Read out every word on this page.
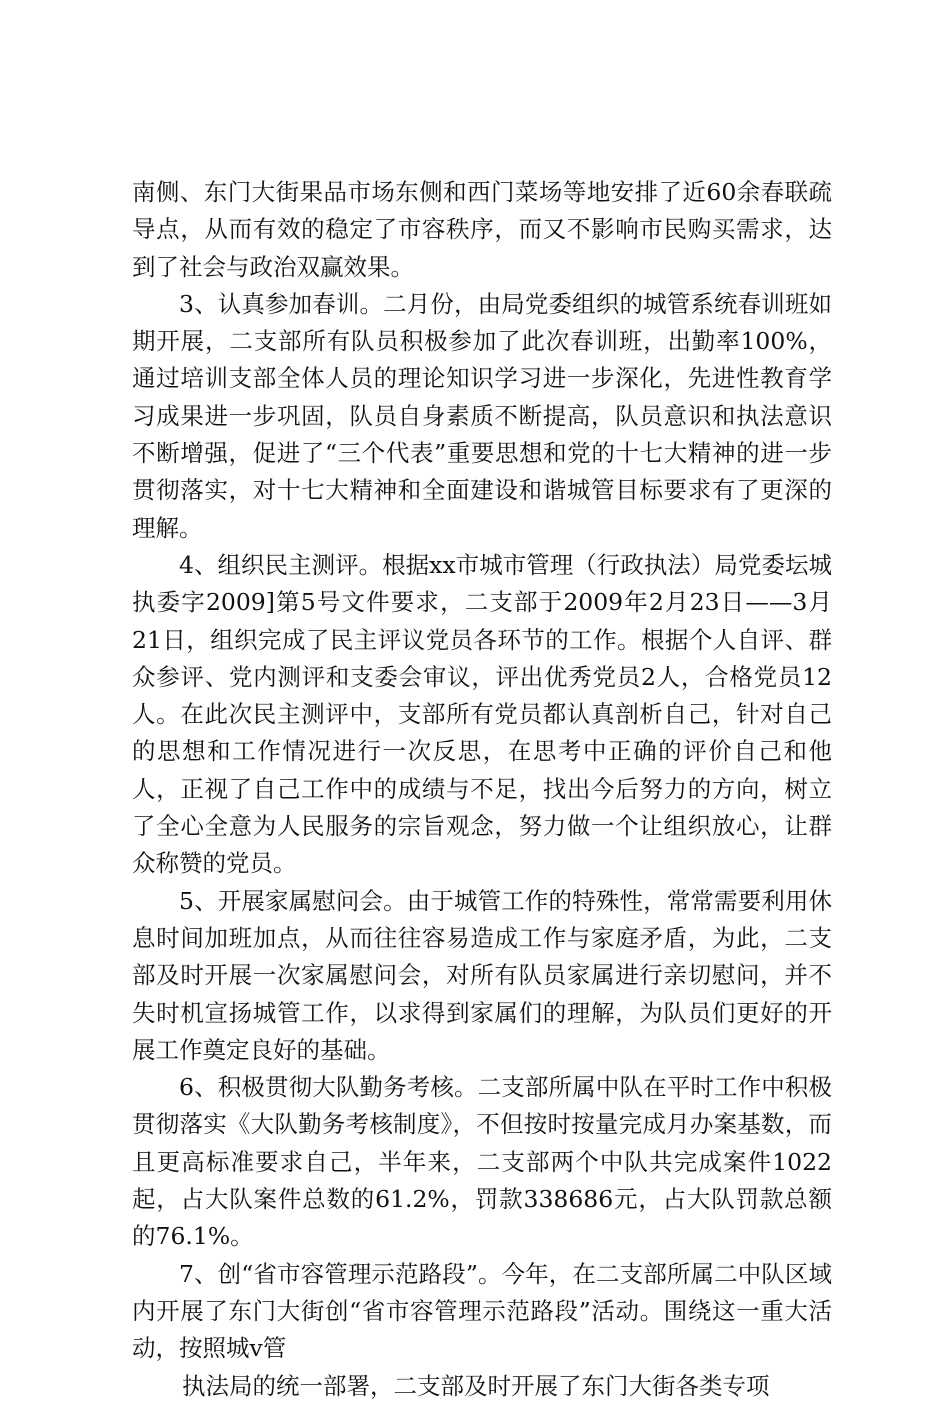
南侧、东门大街果品市场东侧和西门菜场等地安排了近60余春联疏导点，从而有效的稳定了市容秩序，而又不影响市民购买需求，达到了社会与政治双赢效果。

3、认真参加春训。二月份，由局党委组织的城管系统春训班如期开展，二支部所有队员积极参加了此次春训班，出勤率100%，通过培训支部全体人员的理论知识学习进一步深化，先进性教育学习成果进一步巩固，队员自身素质不断提高，队员意识和执法意识不断增强，促进了“三个代表”重要思想和党的十七大精神的进一步贯彻落实，对十七大精神和全面建设和谐城管目标要求有了更深的理解。

4、组织民主测评。根据xx市城市管理（行政执法）局党委坛城执委字2009]第5号文件要求，二支部于2009年2月23日——3月21日，组织完成了民主评议党员各环节的工作。根据个人自评、群众参评、党内测评和支委会审议，评出优秀党员2人，合格党员12人。在此次民主测评中，支部所有党员都认真剖析自己，针对自己的思想和工作情况进行一次反思，在思考中正确的评价自己和他人，正视了自己工作中的成绩与不足，找出今后努力的方向，树立了全心全意为人民服务的宗旨观念，努力做一个让组织放心，让群众称赞的党员。

5、开展家属慰问会。由于城管工作的特殊性，常常需要利用休息时间加班加点，从而往往容易造成工作与家庭矛盾，为此，二支部及时开展一次家属慰问会，对所有队员家属进行亲切慰问，并不失时机宣扬城管工作，以求得到家属们的理解，为队员们更好的开展工作奠定良好的基础。

6、积极贯彻大队勤务考核。二支部所属中队在平时工作中积极贯彻落实《大队勤务考核制度》，不但按时按量完成月办案基数，而且更高标准要求自己，半年来，二支部两个中队共完成案件1022起，占大队案件总数的61.2%，罚款338686元，占大队罚款总额的76.1%。

7、创“省市容管理示范路段”。今年，在二支部所属二中队区域内开展了东门大街创“省市容管理示范路段”活动。围绕这一重大活动，按照城v管

执法局的统一部署，二支部及时开展了东门大街各类专项
